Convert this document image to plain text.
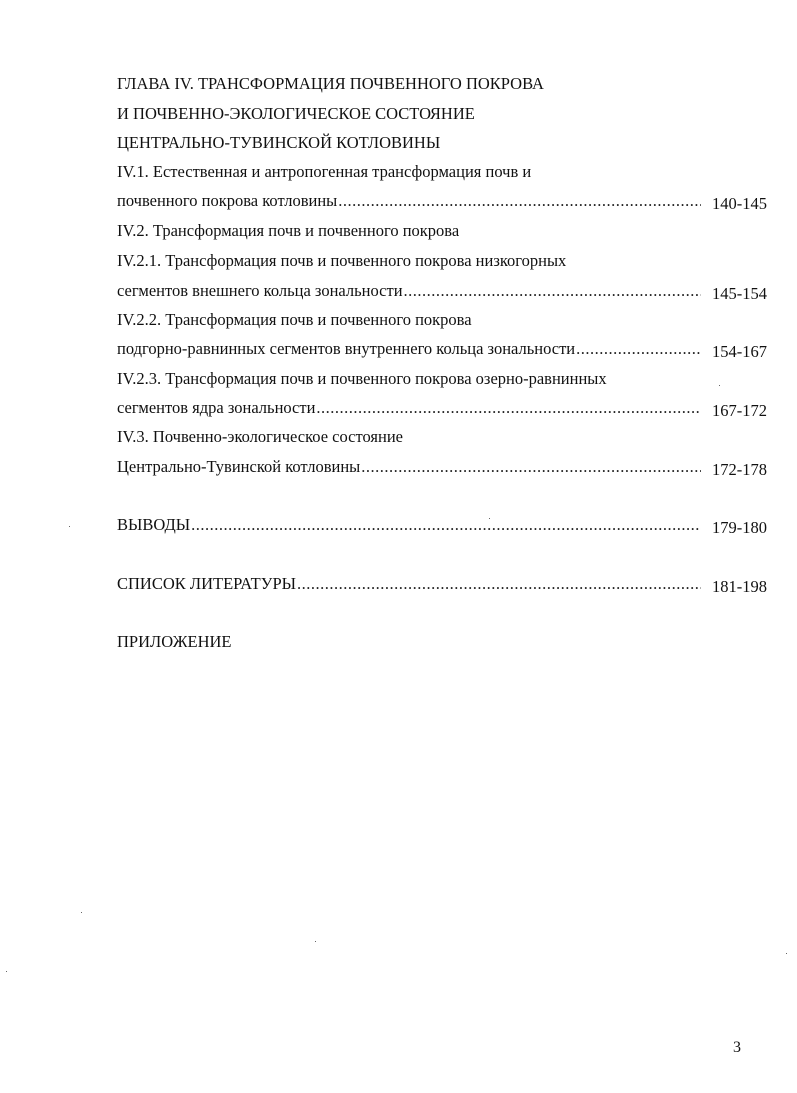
ГЛАВА IV. ТРАНСФОРМАЦИЯ ПОЧВЕННОГО ПОКРОВА
И ПОЧВЕННО-ЭКОЛОГИЧЕСКОЕ СОСТОЯНИЕ
ЦЕНТРАЛЬНО-ТУВИНСКОЙ КОТЛОВИНЫ
IV.1. Естественная и антропогенная трансформация почв и
почвенного покрова котловины .....	140-145
IV.2. Трансформация почв и почвенного покрова
IV.2.1. Трансформация почв и почвенного покрова низкогорных
сегментов внешнего кольца зональности .....	145-154
IV.2.2. Трансформация почв и почвенного покрова
подгорно-равнинных сегментов внутреннего кольца зональности .....	154-167
IV.2.3. Трансформация почв и почвенного покрова озерно-равнинных
сегментов ядра зональности .....	167-172
IV.3. Почвенно-экологическое состояние
Центрально-Тувинской котловины .....	172-178
ВЫВОДЫ .....	179-180
СПИСОК ЛИТЕРАТУРЫ .....	181-198
ПРИЛОЖЕНИЕ
3
